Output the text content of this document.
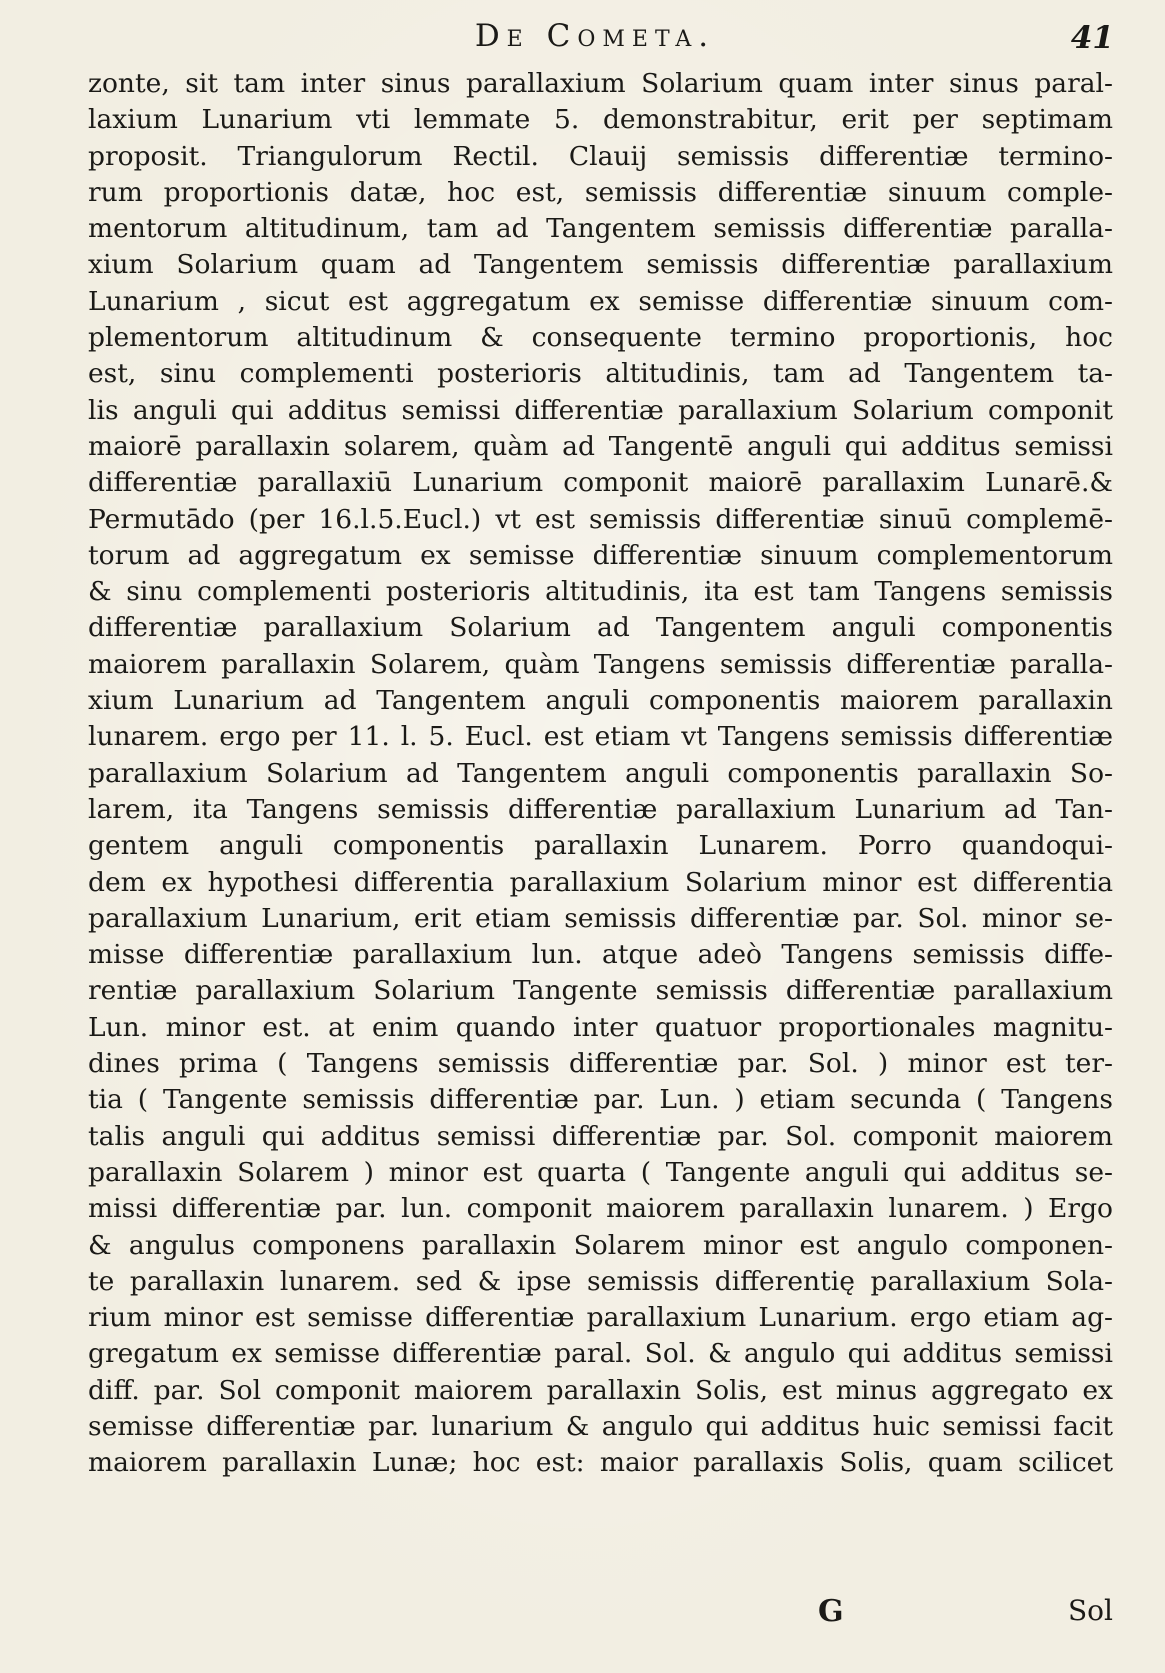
De Cometa.	41
zonte, sit tam inter sinus parallaxium Solarium quam inter sinus paral-
laxium Lunarium vti lemmate 5. demonstrabitur, erit per septimam
proposit. Triangulorum Rectil. Clauij semissis differentiæ termino-
rum proportionis datæ, hoc est, semissis differentiæ sinuum comple-
mentorum altitudinum, tam ad Tangentem semissis differentiæ paralla-
xium Solarium quam ad Tangentem semissis differentiæ parallaxium
Lunarium , sicut est aggregatum ex semisse differentiæ sinuum com-
plementorum altitudinum & consequente termino proportionis, hoc
est, sinu complementi posterioris altitudinis, tam ad Tangentem ta-
lis anguli qui additus semissi differentiæ parallaxium Solarium componit
maiorē parallaxin solarem, quàm ad Tangentē anguli qui additus semissi
differentiæ parallaxiū Lunarium componit maiorē parallaxim Lunarē.&
Permutādo (per 16.l.5.Eucl.) vt est semissis differentiæ sinuū complemē-
torum ad aggregatum ex semisse differentiæ sinuum complementorum
& sinu complementi posterioris altitudinis, ita est tam Tangens semissis
differentiæ parallaxium Solarium ad Tangentem anguli componentis
maiorem parallaxin Solarem, quàm Tangens semissis differentiæ paralla-
xium Lunarium ad Tangentem anguli componentis maiorem parallaxin
lunarem. ergo per 11. l. 5. Eucl. est etiam vt Tangens semissis differentiæ
parallaxium Solarium ad Tangentem anguli componentis parallaxin So-
larem, ita Tangens semissis differentiæ parallaxium Lunarium ad Tan-
gentem anguli componentis parallaxin Lunarem. Porro quandoqui-
dem ex hypothesi differentia parallaxium Solarium minor est differentia
parallaxium Lunarium, erit etiam semissis differentiæ par. Sol. minor se-
misse differentiæ parallaxium lun. atque adeò Tangens semissis diffe-
rentiæ parallaxium Solarium Tangente semissis differentiæ parallaxium
Lun. minor est. at enim quando inter quatuor proportionales magnitu-
dines prima ( Tangens semissis differentiæ par. Sol. ) minor est ter-
tia ( Tangente semissis differentiæ par. Lun. ) etiam secunda ( Tangens
talis anguli qui additus semissi differentiæ par. Sol. componit maiorem
parallaxin Solarem ) minor est quarta ( Tangente anguli qui additus se-
missi differentiæ par. lun. componit maiorem parallaxin lunarem. ) Ergo
& angulus componens parallaxin Solarem minor est angulo componen-
te parallaxin lunarem. sed & ipse semissis differentię parallaxium Sola-
rium minor est semisse differentiæ parallaxium Lunarium. ergo etiam ag-
gregatum ex semisse differentiæ paral. Sol. & angulo qui additus semissi
diff. par. Sol componit maiorem parallaxin Solis, est minus aggregato ex
semisse differentiæ par. lunarium & angulo qui additus huic semissi facit
maiorem parallaxin Lunæ; hoc est: maior parallaxis Solis, quam scilicet
G	Sol
